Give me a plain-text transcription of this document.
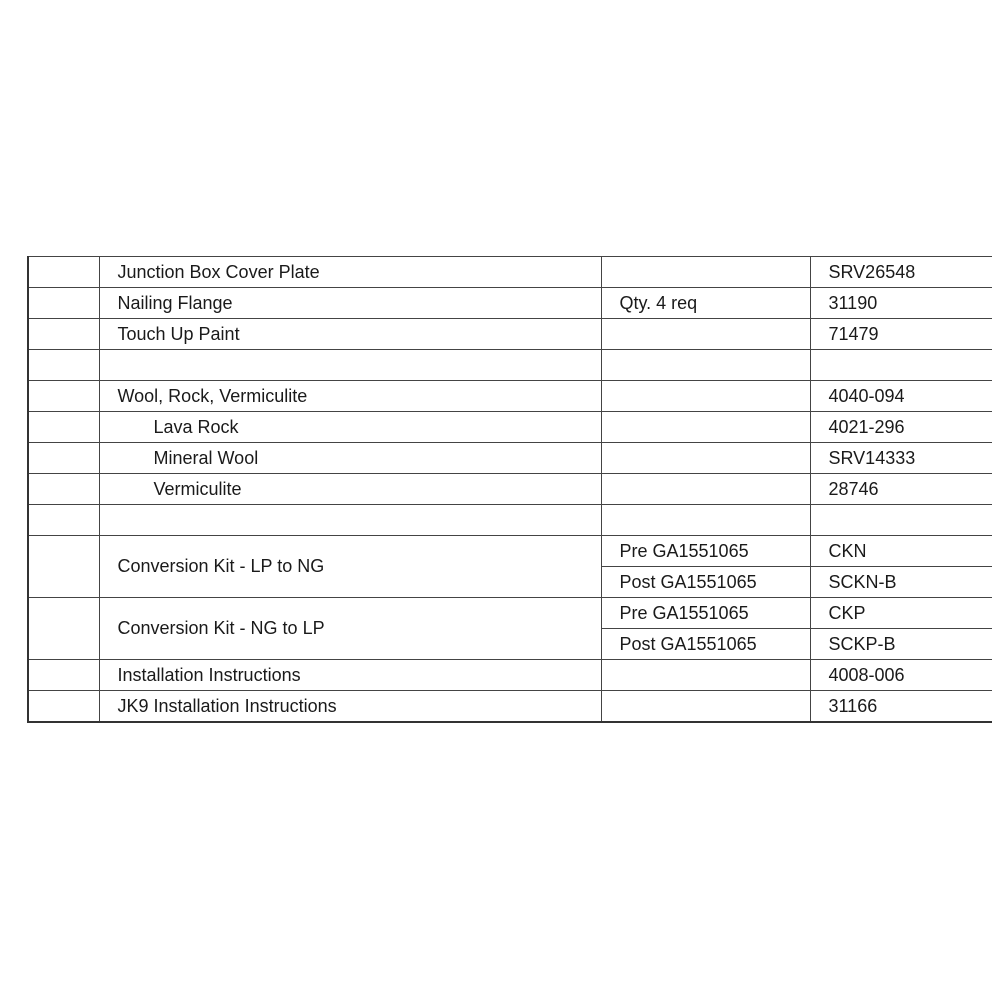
	Junction Box Cover Plate		SRV26548
	Nailing Flange	Qty. 4 req	31190
	Touch Up Paint		71479

	Wool, Rock, Vermiculite		4040-094
	Lava Rock		4021-296
	Mineral Wool		SRV14333
	Vermiculite		28746

	Conversion Kit - LP to NG	Pre GA1551065	CKN
		Post GA1551065	SCKN-B
	Conversion Kit - NG to LP	Pre GA1551065	CKP
		Post GA1551065	SCKP-B
	Installation Instructions		4008-006
	JK9 Installation Instructions		31166
